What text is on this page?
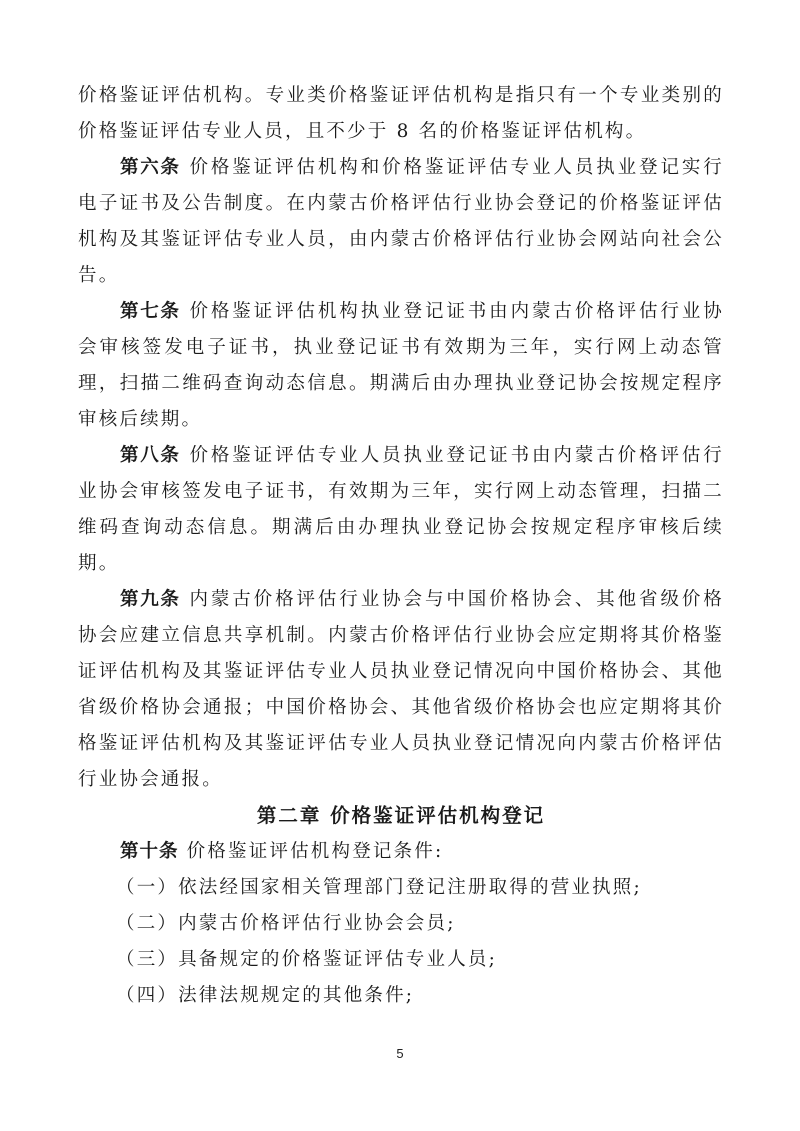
价格鉴证评估机构。专业类价格鉴证评估机构是指只有一个专业类别的价格鉴证评估专业人员，且不少于 8 名的价格鉴证评估机构。

第六条 价格鉴证评估机构和价格鉴证评估专业人员执业登记实行电子证书及公告制度。在内蒙古价格评估行业协会登记的价格鉴证评估机构及其鉴证评估专业人员，由内蒙古价格评估行业协会网站向社会公告。

第七条 价格鉴证评估机构执业登记证书由内蒙古价格评估行业协会审核签发电子证书，执业登记证书有效期为三年，实行网上动态管理，扫描二维码查询动态信息。期满后由办理执业登记协会按规定程序审核后续期。

第八条 价格鉴证评估专业人员执业登记证书由内蒙古价格评估行业协会审核签发电子证书，有效期为三年，实行网上动态管理，扫描二维码查询动态信息。期满后由办理执业登记协会按规定程序审核后续期。

第九条 内蒙古价格评估行业协会与中国价格协会、其他省级价格协会应建立信息共享机制。内蒙古价格评估行业协会应定期将其价格鉴证评估机构及其鉴证评估专业人员执业登记情况向中国价格协会、其他省级价格协会通报；中国价格协会、其他省级价格协会也应定期将其价格鉴证评估机构及其鉴证评估专业人员执业登记情况向内蒙古价格评估行业协会通报。

第二章 价格鉴证评估机构登记

第十条 价格鉴证评估机构登记条件:

（一）依法经国家相关管理部门登记注册取得的营业执照;

（二）内蒙古价格评估行业协会会员;

（三）具备规定的价格鉴证评估专业人员;

（四）法律法规规定的其他条件;

5
